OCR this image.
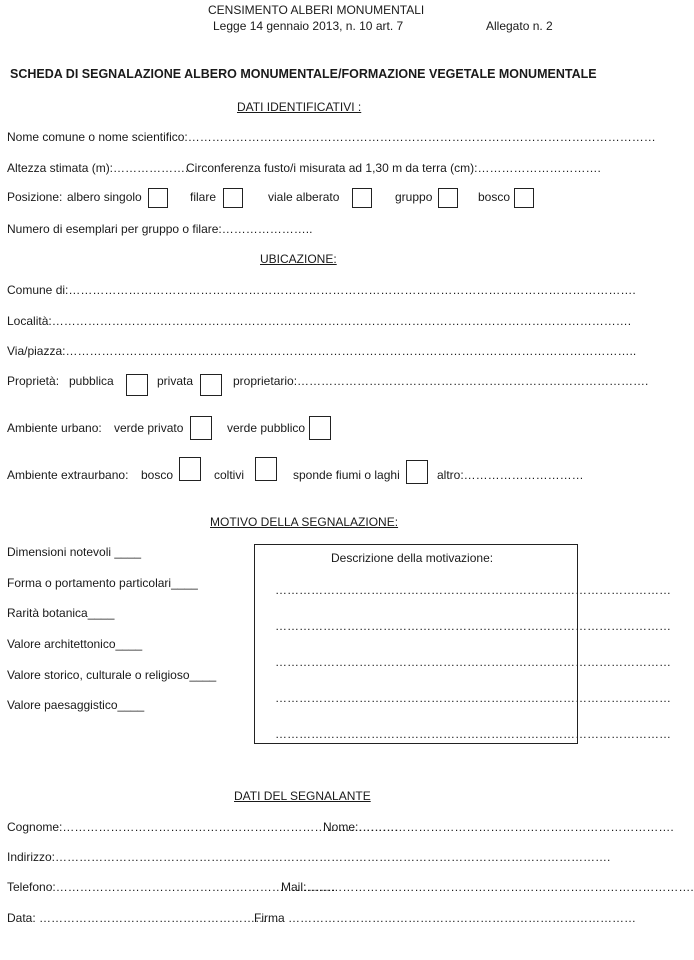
CENSIMENTO ALBERI MONUMENTALI
Legge 14 gennaio 2013, n. 10 art. 7	Allegato n. 2
SCHEDA DI SEGNALAZIONE ALBERO MONUMENTALE/FORMAZIONE VEGETALE MONUMENTALE
DATI IDENTIFICATIVI :
Nome comune o nome scientifico:………………………………………………………………………………………………………
Altezza stimata (m):……………….
Circonferenza fusto/i misurata ad 1,30 m da terra (cm):………………………….
Posizione: albero singolo	filare	viale alberato	gruppo	bosco
Numero di esemplari per gruppo o filare:…………………..
UBICAZIONE:
Comune di:…………………………………………………………………………………………………………………………….
Località:……………………………………………………………………………………………………………………………….
Via/piazza:……………………………………………………………………………………………………………………………..
Proprietà: pubblica	privata	proprietario:…………………………………………………………………………….
Ambiente urbano: verde privato	verde pubblico
Ambiente extraurbano: bosco	coltivi	sponde fiumi o laghi	altro:…………………………
MOTIVO DELLA SEGNALAZIONE:
Dimensioni notevoli ____
Forma o portamento particolari____
Rarità botanica____
Valore architettonico____
Valore storico, culturale o religioso____
Valore paesaggistico____
Descrizione della motivazione:
………………………………………………………………………………………
………………………………………………………………………………………
………………………………………………………………………………………
………………………………………………………………………………………
………………………………………………………………………………………
DATI DEL SEGNALANTE
Cognome:…………………………………………………………………………
Nome:…………………………………………………………………….
Indirizzo:………………………………………………………………………………………………………………………….
Telefono:…………………………………………………………….
Mail:…………………………………………………………………………………….
Data: ……………………………………………………
Firma ……………………………………………………………………………
